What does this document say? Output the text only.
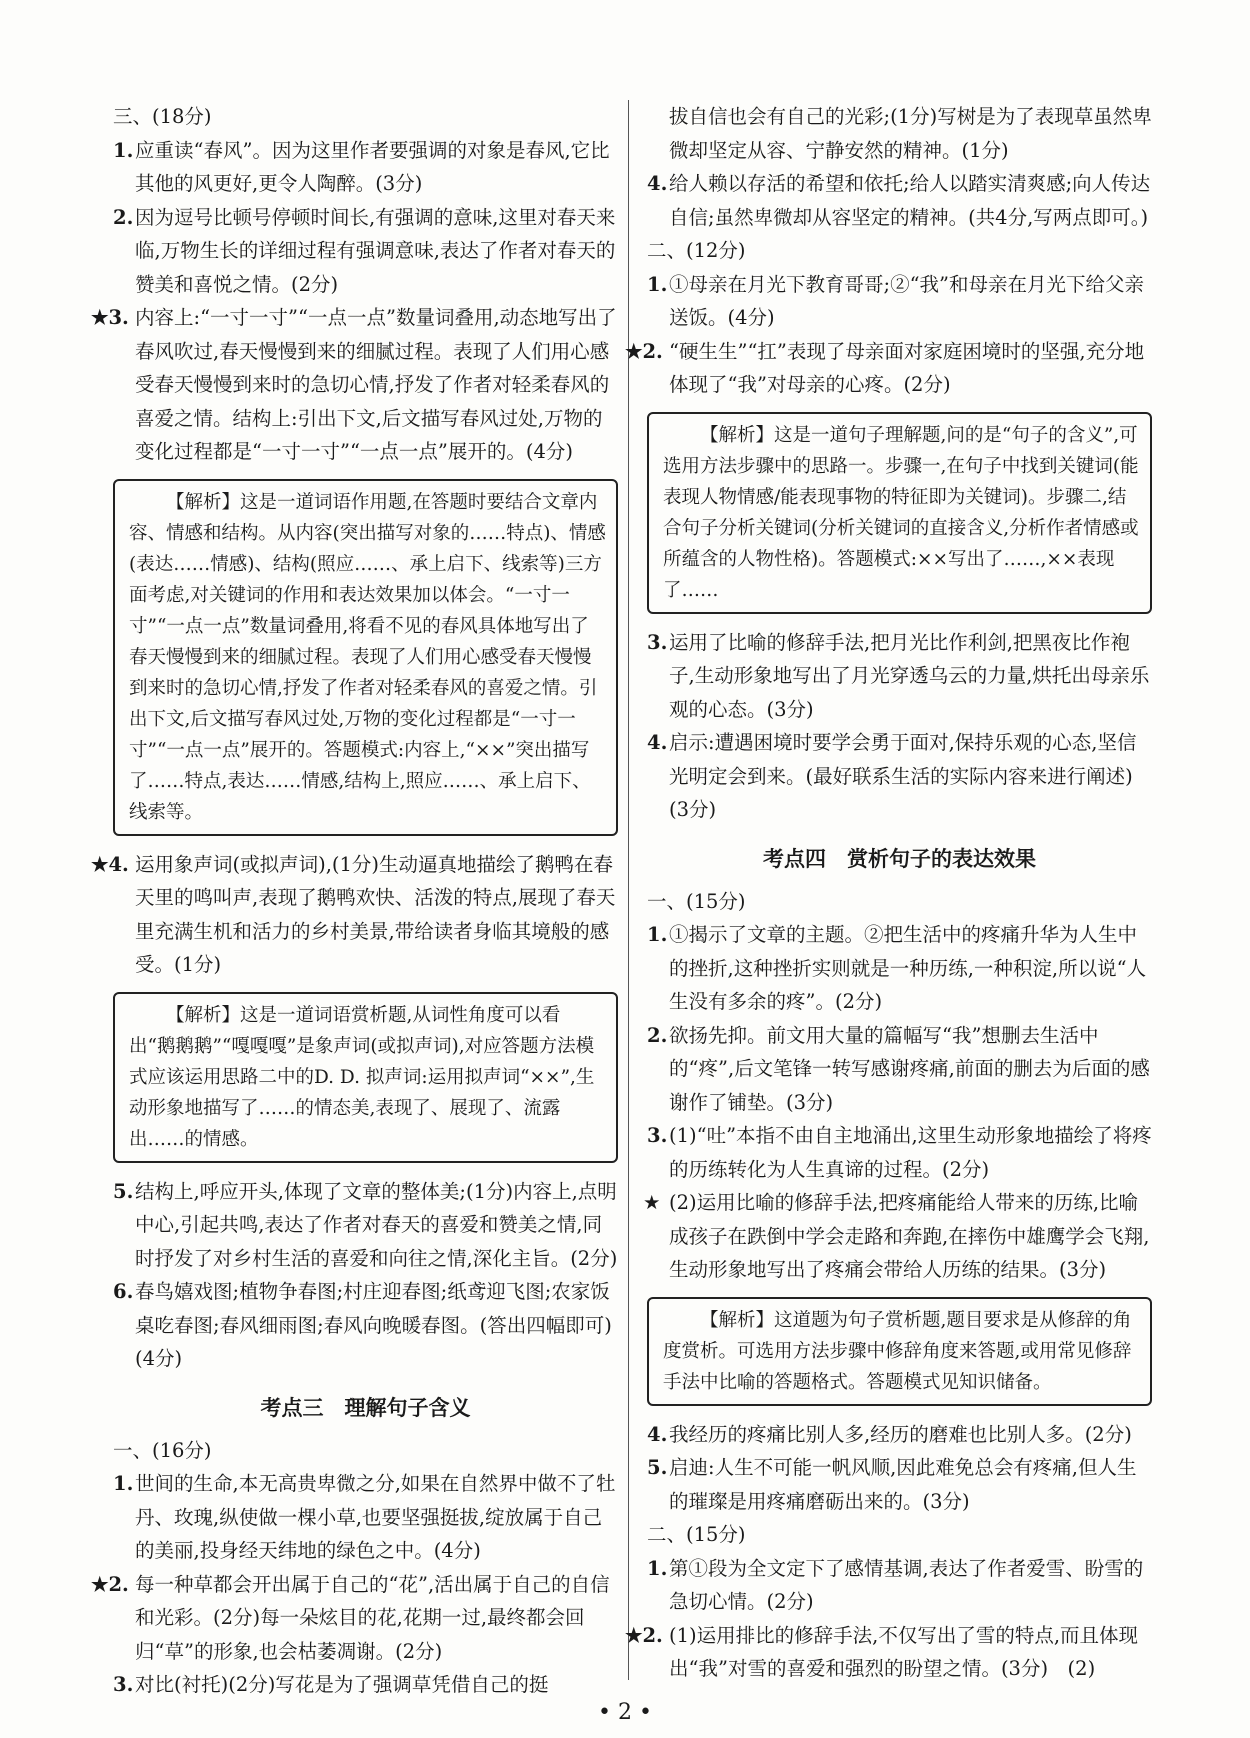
三、(18分)

1. 应重读“春风”。因为这里作者要强调的对象是春风,它比其他的风更好,更令人陶醉。(3分)

2. 因为逗号比顿号停顿时间长,有强调的意味,这里对春天来临,万物生长的详细过程有强调意味,表达了作者对春天的赞美和喜悦之情。(2分)

★3. 内容上:“一寸一寸”“一点一点”数量词叠用,动态地写出了春风吹过,春天慢慢到来的细腻过程。表现了人们用心感受春天慢慢到来时的急切心情,抒发了作者对轻柔春风的喜爱之情。结构上:引出下文,后文描写春风过处,万物的变化过程都是“一寸一寸”“一点一点”展开的。(4分)

【解析】这是一道词语作用题,在答题时要结合文章内容、情感和结构。从内容(突出描写对象的……特点)、情感(表达……情感)、结构(照应……、承上启下、线索等)三方面考虑,对关键词的作用和表达效果加以体会。“一寸一寸”“一点一点”数量词叠用,将看不见的春风具体地写出了春天慢慢到来的细腻过程。表现了人们用心感受春天慢慢到来时的急切心情,抒发了作者对轻柔春风的喜爱之情。引出下文,后文描写春风过处,万物的变化过程都是“一寸一寸”“一点一点”展开的。答题模式:内容上,“××”突出描写了……特点,表达……情感,结构上,照应……、承上启下、线索等。

★4. 运用象声词(或拟声词),(1分)生动逼真地描绘了鹅鸭在春天里的鸣叫声,表现了鹅鸭欢快、活泼的特点,展现了春天里充满生机和活力的乡村美景,带给读者身临其境般的感受。(1分)

【解析】这是一道词语赏析题,从词性角度可以看出“鹅鹅鹅”“嘎嘎嘎”是象声词(或拟声词),对应答题方法模式应该运用思路二中的D. D. 拟声词:运用拟声词“××”,生动形象地描写了……的情态美,表现了、展现了、流露出……的情感。

5. 结构上,呼应开头,体现了文章的整体美;(1分)内容上,点明中心,引起共鸣,表达了作者对春天的喜爱和赞美之情,同时抒发了对乡村生活的喜爱和向往之情,深化主旨。(2分)

6. 春鸟嬉戏图;植物争春图;村庄迎春图;纸鸢迎飞图;农家饭桌吃春图;春风细雨图;春风向晚暖春图。(答出四幅即可)(4分)

考点三　理解句子含义

一、(16分)

1. 世间的生命,本无高贵卑微之分,如果在自然界中做不了牡丹、玫瑰,纵使做一棵小草,也要坚强挺拔,绽放属于自己的美丽,投身经天纬地的绿色之中。(4分)

★2. 每一种草都会开出属于自己的“花”,活出属于自己的自信和光彩。(2分)每一朵炫目的花,花期一过,最终都会回归“草”的形象,也会枯萎凋谢。(2分)

3. 对比(衬托)(2分)写花是为了强调草凭借自己的挺

拔自信也会有自己的光彩;(1分)写树是为了表现草虽然卑微却坚定从容、宁静安然的精神。(1分)

4. 给人赖以存活的希望和依托;给人以踏实清爽感;向人传达自信;虽然卑微却从容坚定的精神。(共4分,写两点即可。)

二、(12分)

1. ①母亲在月光下教育哥哥;②“我”和母亲在月光下给父亲送饭。(4分)

★2. “硬生生”“扛”表现了母亲面对家庭困境时的坚强,充分地体现了“我”对母亲的心疼。(2分)

【解析】这是一道句子理解题,问的是“句子的含义”,可选用方法步骤中的思路一。步骤一,在句子中找到关键词(能表现人物情感/能表现事物的特征即为关键词)。步骤二,结合句子分析关键词(分析关键词的直接含义,分析作者情感或所蕴含的人物性格)。答题模式:××写出了……,××表现了……

3. 运用了比喻的修辞手法,把月光比作利剑,把黑夜比作袍子,生动形象地写出了月光穿透乌云的力量,烘托出母亲乐观的心态。(3分)

4. 启示:遭遇困境时要学会勇于面对,保持乐观的心态,坚信光明定会到来。(最好联系生活的实际内容来进行阐述)(3分)

考点四　赏析句子的表达效果

一、(15分)

1. ①揭示了文章的主题。②把生活中的疼痛升华为人生中的挫折,这种挫折实则就是一种历练,一种积淀,所以说“人生没有多余的疼”。(2分)

2. 欲扬先抑。前文用大量的篇幅写“我”想删去生活中的“疼”,后文笔锋一转写感谢疼痛,前面的删去为后面的感谢作了铺垫。(3分)

3. (1)“吐”本指不由自主地涌出,这里生动形象地描绘了将疼的历练转化为人生真谛的过程。(2分)

★ (2)运用比喻的修辞手法,把疼痛能给人带来的历练,比喻成孩子在跌倒中学会走路和奔跑,在摔伤中雄鹰学会飞翔,生动形象地写出了疼痛会带给人历练的结果。(3分)

【解析】这道题为句子赏析题,题目要求是从修辞的角度赏析。可选用方法步骤中修辞角度来答题,或用常见修辞手法中比喻的答题格式。答题模式见知识储备。

4. 我经历的疼痛比别人多,经历的磨难也比别人多。(2分)

5. 启迪:人生不可能一帆风顺,因此难免总会有疼痛,但人生的璀璨是用疼痛磨砺出来的。(3分)

二、(15分)

1. 第①段为全文定下了感情基调,表达了作者爱雪、盼雪的急切心情。(2分)

★2. (1)运用排比的修辞手法,不仅写出了雪的特点,而且体现出“我”对雪的喜爱和强烈的盼望之情。(3分)　(2)

• 2 •
